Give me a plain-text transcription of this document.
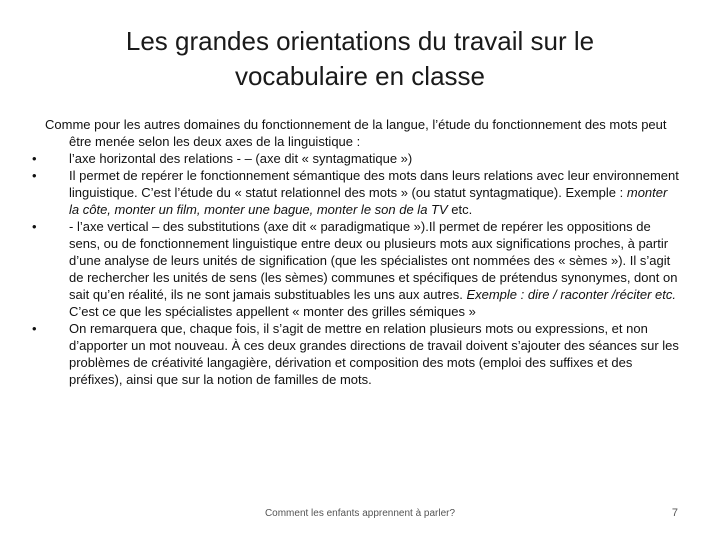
Les grandes orientations du travail sur le
vocabulaire en classe

Comme pour les autres domaines du fonctionnement de la langue, l’étude du fonctionnement des mots peut être menée selon les deux axes de la linguistique :

• l’axe horizontal des relations - – (axe dit « syntagmatique »)
• Il permet de repérer le fonctionnement sémantique des mots dans leurs relations avec leur environnement linguistique. C’est l’étude du « statut relationnel des mots » (ou statut syntagmatique). Exemple : monter la côte, monter un film, monter une bague, monter le son de la TV etc.
• - l’axe vertical – des substitutions (axe dit « paradigmatique »).Il permet de repérer les oppositions de sens, ou de fonctionnement linguistique entre deux ou plusieurs mots aux significations proches, à partir d’une analyse de leurs unités de signification (que les spécialistes ont nommées des « sèmes »). Il s’agit de rechercher les unités de sens (les sèmes) communes et spécifiques de prétendus synonymes, dont on sait qu’en réalité, ils ne sont jamais substituables les uns aux autres. Exemple : dire / raconter /réciter etc. C’est ce que les spécialistes appellent « monter des grilles sémiques »
• On remarquera que, chaque fois, il s’agit de mettre en relation plusieurs mots ou expressions, et non d’apporter un mot nouveau. À ces deux grandes directions de travail doivent s’ajouter des séances sur les problèmes de créativité langagière, dérivation et composition des mots (emploi des suffixes et des préfixes), ainsi que sur la notion de familles de mots.
Comment les enfants apprennent à parler?	7
